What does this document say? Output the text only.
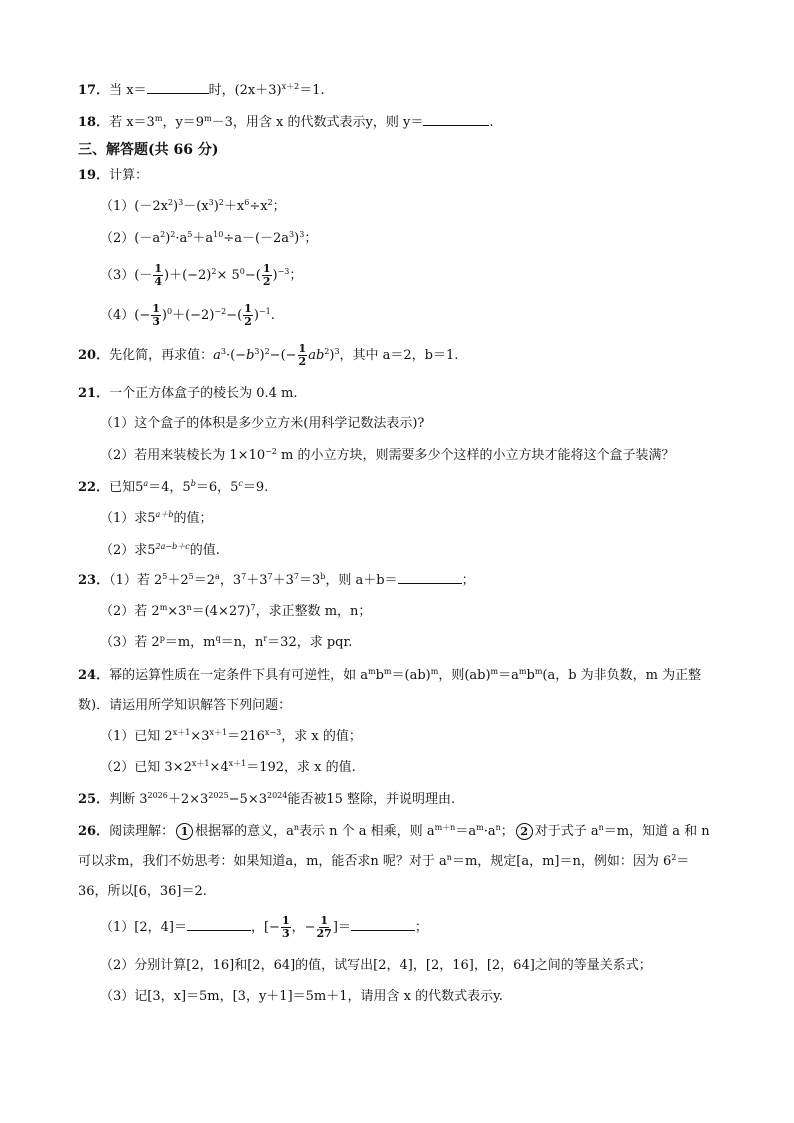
17．当 x＝	时，$(2x+3)^{x+2}=1$.
18．若 $x=3^m$，$y=9^m-3$，用含 x 的代数式表示y，则 y＝	.
三、解答题(共 66 分)
19．计算：
$(1)(-2x^2)^3-(x^3)^2+x^6\div x^2$；
$(2)(-a^2)^2\cdot a^5+a^{10}\div a-(-2a^3)^3$；
$(3)(- \frac{1}{4} )+(-2)^2\times 5^0-( \frac{1}{2} )^{-3}$；
$(4)(- \frac{1}{3} )^0+(-2)^{-2}-( \frac{1}{2} )^{-1}$.
20．先化简，再求值：$a^3\cdot(-b^3)^2-(- \frac{1}{2} ab^2)^3$，其中 a＝2，b＝1.
21．一个正方体盒子的棱长为 0.4 m.
（1）这个盒子的体积是多少立方米(用科学记数法表示)?
（2）若用来装棱长为 $1\times 10^{-2}$ m 的小立方块，则需要多少个这样的小立方块才能将这个盒子装满？
22．已知$5^a=4$，$5^b=6$，$5^c=9$.
（1）求$5^{a+b}$的值；
（2）求$5^{2a-b+c}$的值.
23．（1）若 $2^5+2^5=2^a$，$3^7+3^7+3^7=3^b$，则 a＋b＝	；
（2）若 $2^m\times 3^n=(4\times 27)^7$，求正整数 m，n；
（3）若 $2^p=m$，$m^q=n$，$n^r=32$，求 pqr.
24．幂的运算性质在一定条件下具有可逆性，如 $a^mb^m=(ab)^m$，则$(ab)^m=a^mb^m(a$，b 为非负数，m 为正整
数)．请运用所学知识解答下列问题：
（1）已知 $2^{x+1}\times 3^{x+1}=216^{x-3}$，求 x 的值；
（2）已知 $3\times 2^{x+1}\times 4^{x+1}=192$，求 x 的值.
25．判断 $3^{2026}+2\times 3^{2025}-5\times 3^{2024}$能否被15 整除，并说明理由.
26．阅读理解： 1 根据幂的意义，$a^n$表示 n 个 a 相乘，则 $a^{m+n}=a^m\cdot a^n$； 2 对于式子 $a^n=m$，知道 a 和 n
可以求m，我们不妨思考：如果知道a，m，能否求n 呢？对于 $a^n=m$，规定[a，m]＝n，例如：因为 $6^2=$
36，所以[6，36]＝2.
（1）[2，4]＝	，[− $\frac{1}{3}$ ，− $\frac{1}{27}$ ]＝	；
（2）分别计算[2，16]和[2，64]的值，试写出[2，4]，[2，16]，[2，64]之间的等量关系式；
（3）记[3，x]＝5m，[3，y＋1]＝5m＋1，请用含 x 的代数式表示y.
